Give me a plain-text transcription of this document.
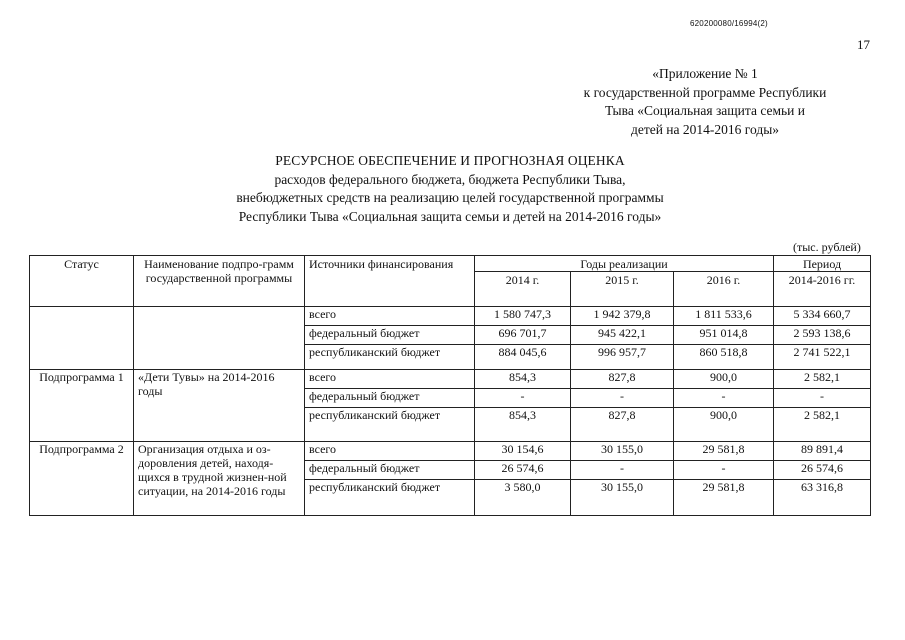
620200080/16994(2)
17
«Приложение № 1
к государственной программе Республики
Тыва «Социальная защита семьи и
детей на 2014-2016 годы»
РЕСУРСНОЕ ОБЕСПЕЧЕНИЕ И ПРОГНОЗНАЯ ОЦЕНКА
расходов федерального бюджета, бюджета Республики Тыва,
внебюджетных средств на реализацию целей государственной программы
Республики Тыва «Социальная защита семьи и детей на 2014-2016 годы»
(тыс. рублей)
Статус	Наименование подпро-грамм государственной программы	Источники финансирования	Годы реализации			Период
			2014 г.	2015 г.	2016 г.	2014-2016 гг.
		всего	1 580 747,3	1 942 379,8	1 811 533,6	5 334 660,7
		федеральный бюджет	696 701,7	945 422,1	951 014,8	2 593 138,6
		республиканский бюджет	884 045,6	996 957,7	860 518,8	2 741 522,1
Подпрограмма 1	«Дети Тувы» на 2014-2016 годы	всего	854,3	827,8	900,0	2 582,1
		федеральный бюджет	-	-	-	-
		республиканский бюджет	854,3	827,8	900,0	2 582,1
Подпрограмма 2	Организация отдыха и оз-доровления детей, находя-щихся в трудной жизнен-ной ситуации, на 2014-2016 годы	всего	30 154,6	30 155,0	29 581,8	89 891,4
		федеральный бюджет	26 574,6	-	-	26 574,6
		республиканский бюджет	3 580,0	30 155,0	29 581,8	63 316,8
